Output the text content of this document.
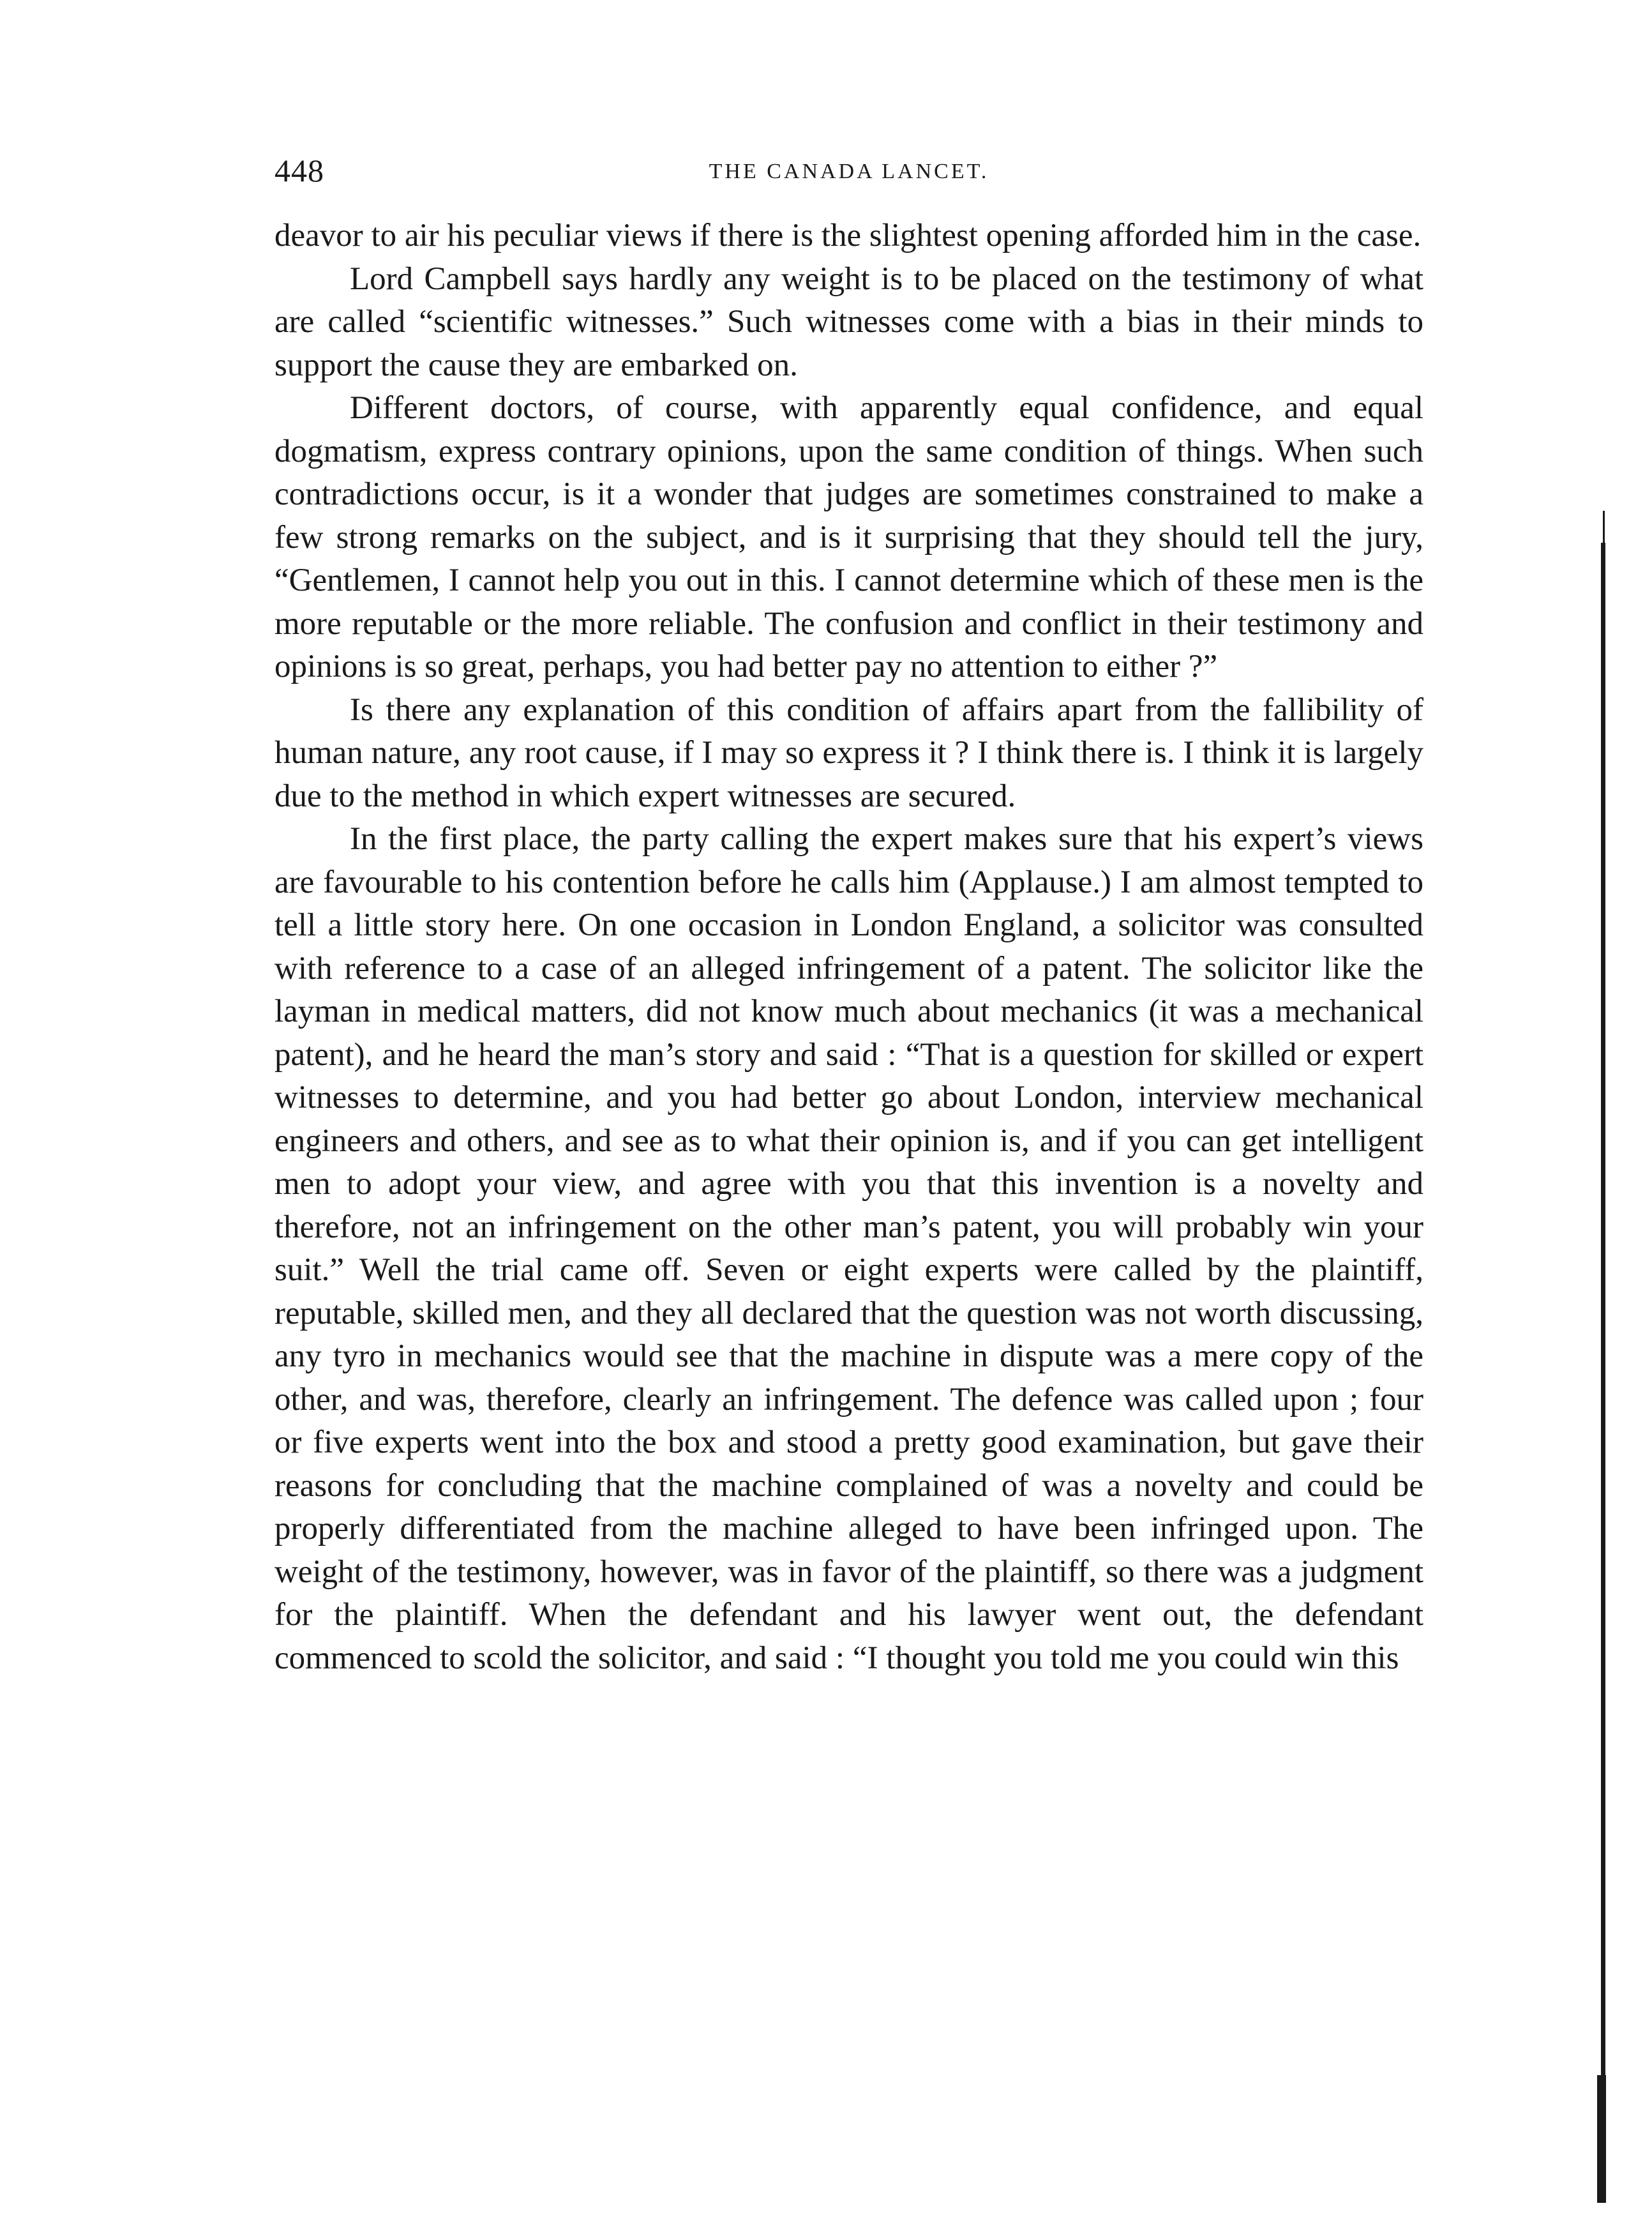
448	THE CANADA LANCET.

deavor to air his peculiar views if there is the slightest opening afforded him in the case.

Lord Campbell says hardly any weight is to be placed on the testimony of what are called “scientific witnesses.” Such witnesses come with a bias in their minds to support the cause they are embarked on.

Different doctors, of course, with apparently equal confidence, and equal dogmatism, express contrary opinions, upon the same condition of things. When such contradictions occur, is it a wonder that judges are sometimes constrained to make a few strong remarks on the subject, and is it surprising that they should tell the jury, “Gentlemen, I cannot help you out in this. I cannot determine which of these men is the more reputable or the more reliable. The confusion and conflict in their testimony and opinions is so great, perhaps, you had better pay no attention to either ?”

Is there any explanation of this condition of affairs apart from the fallibility of human nature, any root cause, if I may so express it ? I think there is. I think it is largely due to the method in which expert witnesses are secured.

In the first place, the party calling the expert makes sure that his expert’s views are favourable to his contention before he calls him (Applause.) I am almost tempted to tell a little story here. On one occasion in London England, a solicitor was consulted with reference to a case of an alleged infringement of a patent. The solicitor like the layman in medical matters, did not know much about mechanics (it was a mechanical patent), and he heard the man’s story and said : “That is a question for skilled or expert witnesses to determine, and you had better go about London, interview mechanical engineers and others, and see as to what their opinion is, and if you can get intelligent men to adopt your view, and agree with you that this invention is a novelty and therefore, not an infringement on the other man’s patent, you will probably win your suit.” Well the trial came off. Seven or eight experts were called by the plaintiff, reputable, skilled men, and they all declared that the question was not worth discussing, any tyro in mechanics would see that the machine in dispute was a mere copy of the other, and was, therefore, clearly an infringement. The defence was called upon ; four or five experts went into the box and stood a pretty good examination, but gave their reasons for concluding that the machine complained of was a novelty and could be properly differentiated from the machine alleged to have been infringed upon. The weight of the testimony, however, was in favor of the plaintiff, so there was a judgment for the plaintiff. When the defendant and his lawyer went out, the defendant commenced to scold the solicitor, and said : “I thought you told me you could win this
